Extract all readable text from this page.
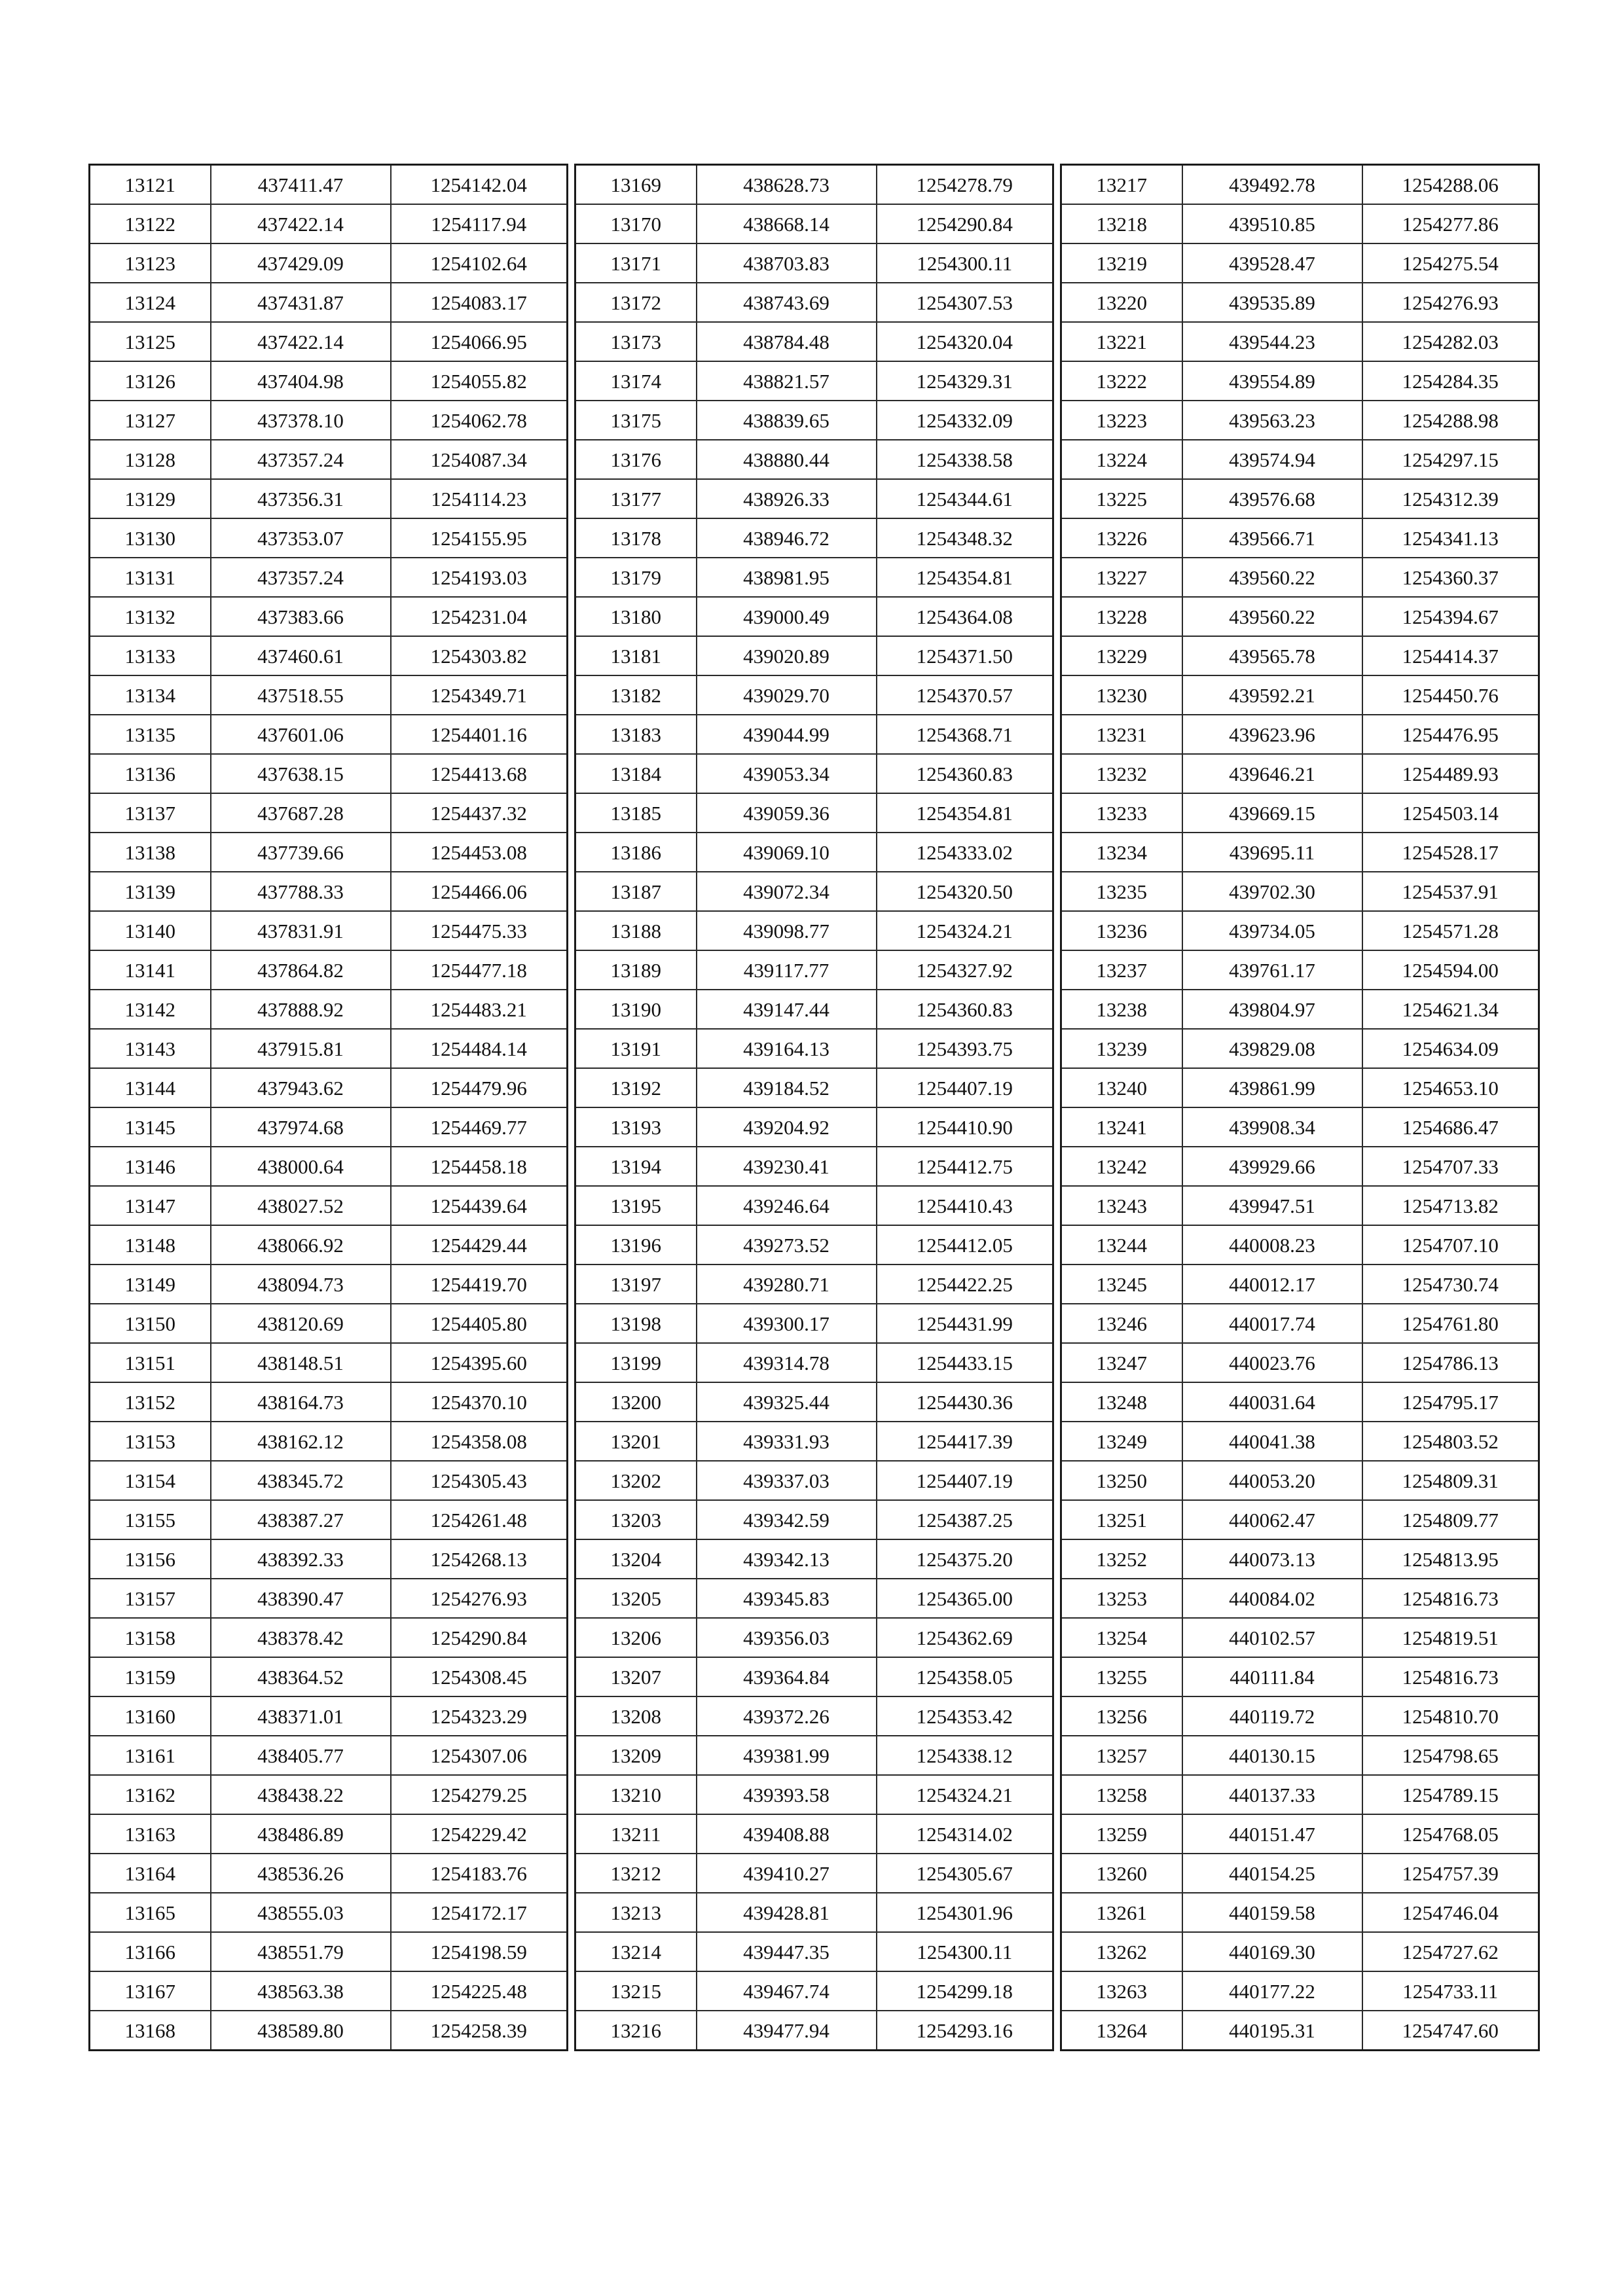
13121	437411.47	1254142.04
13122	437422.14	1254117.94
13123	437429.09	1254102.64
13124	437431.87	1254083.17
13125	437422.14	1254066.95
13126	437404.98	1254055.82
13127	437378.10	1254062.78
13128	437357.24	1254087.34
13129	437356.31	1254114.23
13130	437353.07	1254155.95
13131	437357.24	1254193.03
13132	437383.66	1254231.04
13133	437460.61	1254303.82
13134	437518.55	1254349.71
13135	437601.06	1254401.16
13136	437638.15	1254413.68
13137	437687.28	1254437.32
13138	437739.66	1254453.08
13139	437788.33	1254466.06
13140	437831.91	1254475.33
13141	437864.82	1254477.18
13142	437888.92	1254483.21
13143	437915.81	1254484.14
13144	437943.62	1254479.96
13145	437974.68	1254469.77
13146	438000.64	1254458.18
13147	438027.52	1254439.64
13148	438066.92	1254429.44
13149	438094.73	1254419.70
13150	438120.69	1254405.80
13151	438148.51	1254395.60
13152	438164.73	1254370.10
13153	438162.12	1254358.08
13154	438345.72	1254305.43
13155	438387.27	1254261.48
13156	438392.33	1254268.13
13157	438390.47	1254276.93
13158	438378.42	1254290.84
13159	438364.52	1254308.45
13160	438371.01	1254323.29
13161	438405.77	1254307.06
13162	438438.22	1254279.25
13163	438486.89	1254229.42
13164	438536.26	1254183.76
13165	438555.03	1254172.17
13166	438551.79	1254198.59
13167	438563.38	1254225.48
13168	438589.80	1254258.39
13169	438628.73	1254278.79
13170	438668.14	1254290.84
13171	438703.83	1254300.11
13172	438743.69	1254307.53
13173	438784.48	1254320.04
13174	438821.57	1254329.31
13175	438839.65	1254332.09
13176	438880.44	1254338.58
13177	438926.33	1254344.61
13178	438946.72	1254348.32
13179	438981.95	1254354.81
13180	439000.49	1254364.08
13181	439020.89	1254371.50
13182	439029.70	1254370.57
13183	439044.99	1254368.71
13184	439053.34	1254360.83
13185	439059.36	1254354.81
13186	439069.10	1254333.02
13187	439072.34	1254320.50
13188	439098.77	1254324.21
13189	439117.77	1254327.92
13190	439147.44	1254360.83
13191	439164.13	1254393.75
13192	439184.52	1254407.19
13193	439204.92	1254410.90
13194	439230.41	1254412.75
13195	439246.64	1254410.43
13196	439273.52	1254412.05
13197	439280.71	1254422.25
13198	439300.17	1254431.99
13199	439314.78	1254433.15
13200	439325.44	1254430.36
13201	439331.93	1254417.39
13202	439337.03	1254407.19
13203	439342.59	1254387.25
13204	439342.13	1254375.20
13205	439345.83	1254365.00
13206	439356.03	1254362.69
13207	439364.84	1254358.05
13208	439372.26	1254353.42
13209	439381.99	1254338.12
13210	439393.58	1254324.21
13211	439408.88	1254314.02
13212	439410.27	1254305.67
13213	439428.81	1254301.96
13214	439447.35	1254300.11
13215	439467.74	1254299.18
13216	439477.94	1254293.16
13217	439492.78	1254288.06
13218	439510.85	1254277.86
13219	439528.47	1254275.54
13220	439535.89	1254276.93
13221	439544.23	1254282.03
13222	439554.89	1254284.35
13223	439563.23	1254288.98
13224	439574.94	1254297.15
13225	439576.68	1254312.39
13226	439566.71	1254341.13
13227	439560.22	1254360.37
13228	439560.22	1254394.67
13229	439565.78	1254414.37
13230	439592.21	1254450.76
13231	439623.96	1254476.95
13232	439646.21	1254489.93
13233	439669.15	1254503.14
13234	439695.11	1254528.17
13235	439702.30	1254537.91
13236	439734.05	1254571.28
13237	439761.17	1254594.00
13238	439804.97	1254621.34
13239	439829.08	1254634.09
13240	439861.99	1254653.10
13241	439908.34	1254686.47
13242	439929.66	1254707.33
13243	439947.51	1254713.82
13244	440008.23	1254707.10
13245	440012.17	1254730.74
13246	440017.74	1254761.80
13247	440023.76	1254786.13
13248	440031.64	1254795.17
13249	440041.38	1254803.52
13250	440053.20	1254809.31
13251	440062.47	1254809.77
13252	440073.13	1254813.95
13253	440084.02	1254816.73
13254	440102.57	1254819.51
13255	440111.84	1254816.73
13256	440119.72	1254810.70
13257	440130.15	1254798.65
13258	440137.33	1254789.15
13259	440151.47	1254768.05
13260	440154.25	1254757.39
13261	440159.58	1254746.04
13262	440169.30	1254727.62
13263	440177.22	1254733.11
13264	440195.31	1254747.60
